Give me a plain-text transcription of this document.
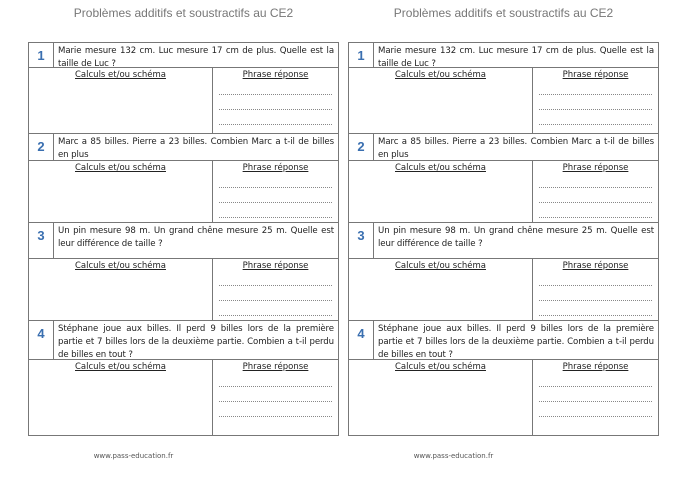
Problèmes additifs et soustractifs au CE2
1	Marie mesure 132 cm. Luc mesure 17 cm de plus. Quelle est la taille de Luc ?
Calculs et/ou schéma	Phrase réponse
2	Marc a 85 billes. Pierre a 23 billes. Combien Marc a t-il de billes en plus
Calculs et/ou schéma	Phrase réponse
3	Un pin mesure 98 m. Un grand chêne mesure 25 m. Quelle est leur différence de taille ?
Calculs et/ou schéma	Phrase réponse
4	Stéphane joue aux billes. Il perd 9 billes lors de la première partie et 7 billes lors de la deuxième partie. Combien a t-il perdu de billes en tout ?
Calculs et/ou schéma	Phrase réponse
www.pass-education.fr
Problèmes additifs et soustractifs au CE2
1	Marie mesure 132 cm. Luc mesure 17 cm de plus. Quelle est la taille de Luc ?
Calculs et/ou schéma	Phrase réponse
2	Marc a 85 billes. Pierre a 23 billes. Combien Marc a t-il de billes en plus
Calculs et/ou schéma	Phrase réponse
3	Un pin mesure 98 m. Un grand chêne mesure 25 m. Quelle est leur différence de taille ?
Calculs et/ou schéma	Phrase réponse
4	Stéphane joue aux billes. Il perd 9 billes lors de la première partie et 7 billes lors de la deuxième partie. Combien a t-il perdu de billes en tout ?
Calculs et/ou schéma	Phrase réponse
www.pass-education.fr
